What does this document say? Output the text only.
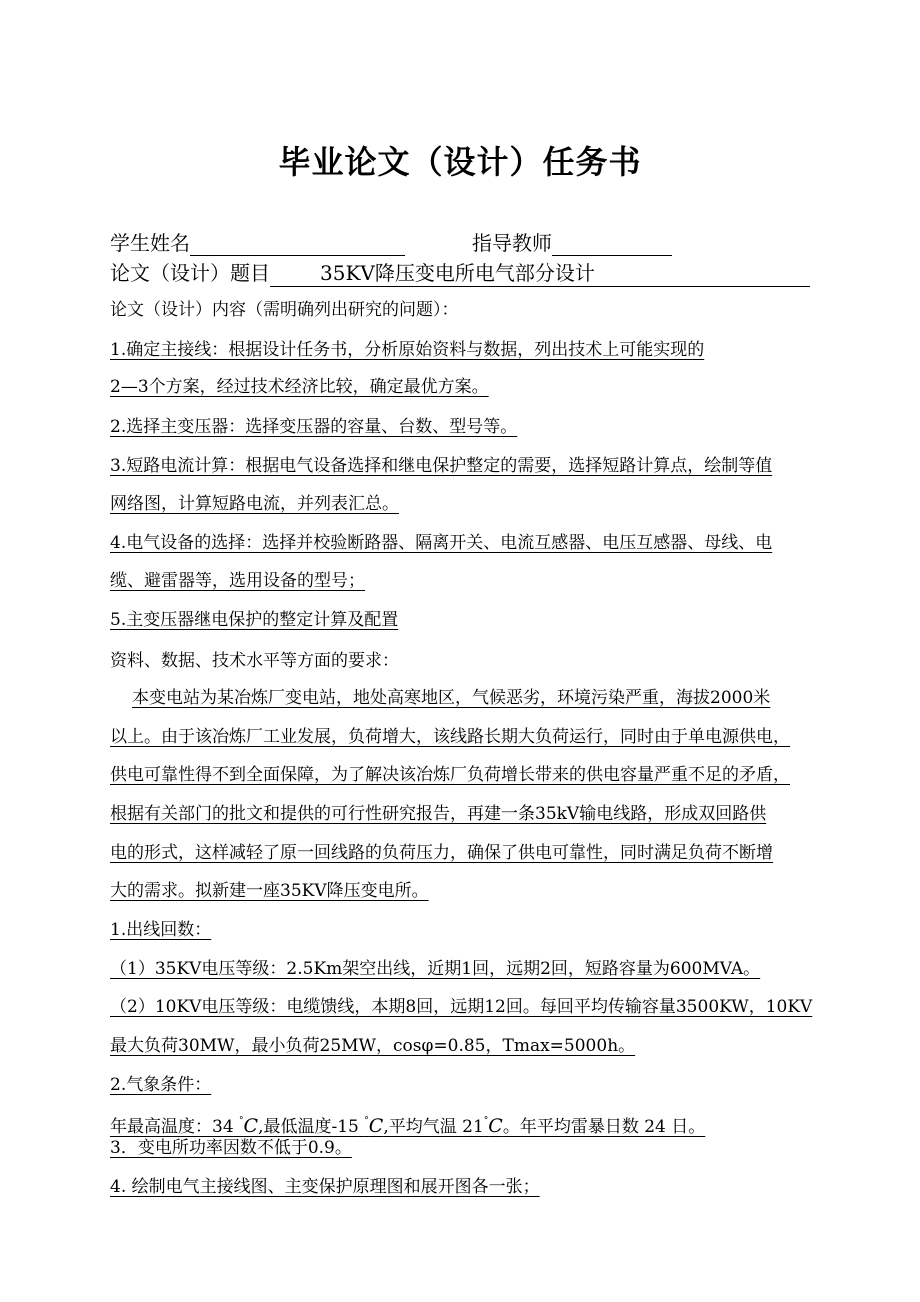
毕业论文（设计）任务书
学生姓名	指导教师
论文（设计）题目	35KV降压变电所电气部分设计
论文（设计）内容（需明确列出研究的问题）：
1.确定主接线：根据设计任务书，分析原始资料与数据，列出技术上可能实现的
2—3个方案，经过技术经济比较，确定最优方案。
2.选择主变压器：选择变压器的容量、台数、型号等。
3.短路电流计算：根据电气设备选择和继电保护整定的需要，选择短路计算点，绘制等值
网络图，计算短路电流，并列表汇总。
4.电气设备的选择：选择并校验断路器、隔离开关、电流互感器、电压互感器、母线、电
缆、避雷器等，选用设备的型号；
5.主变压器继电保护的整定计算及配置
资料、数据、技术水平等方面的要求：
本变电站为某冶炼厂变电站，地处高寒地区，气候恶劣，环境污染严重，海拔2000米
以上。由于该冶炼厂工业发展，负荷增大，该线路长期大负荷运行，同时由于单电源供电，
供电可靠性得不到全面保障，为了解决该冶炼厂负荷增长带来的供电容量严重不足的矛盾，
根据有关部门的批文和提供的可行性研究报告，再建一条35kV输电线路，形成双回路供
电的形式，这样减轻了原一回线路的负荷压力，确保了供电可靠性，同时满足负荷不断增
大的需求。拟新建一座35KV降压变电所。
1.出线回数：
（1）35KV电压等级：2.5Km架空出线，近期1回，远期2回，短路容量为600MVA。
（2）10KV电压等级：电缆馈线，本期8回，远期12回。每回平均传输容量3500KW，10KV
最大负荷30MW，最小负荷25MW，cosφ=0.85，Tmax=5000h。
2.气象条件：
年最高温度：34 °C,最低温度-15 °C,平均气温 21°C。年平均雷暴日数 24 日。
3．变电所功率因数不低于0.9。
4. 绘制电气主接线图、主变保护原理图和展开图各一张；
